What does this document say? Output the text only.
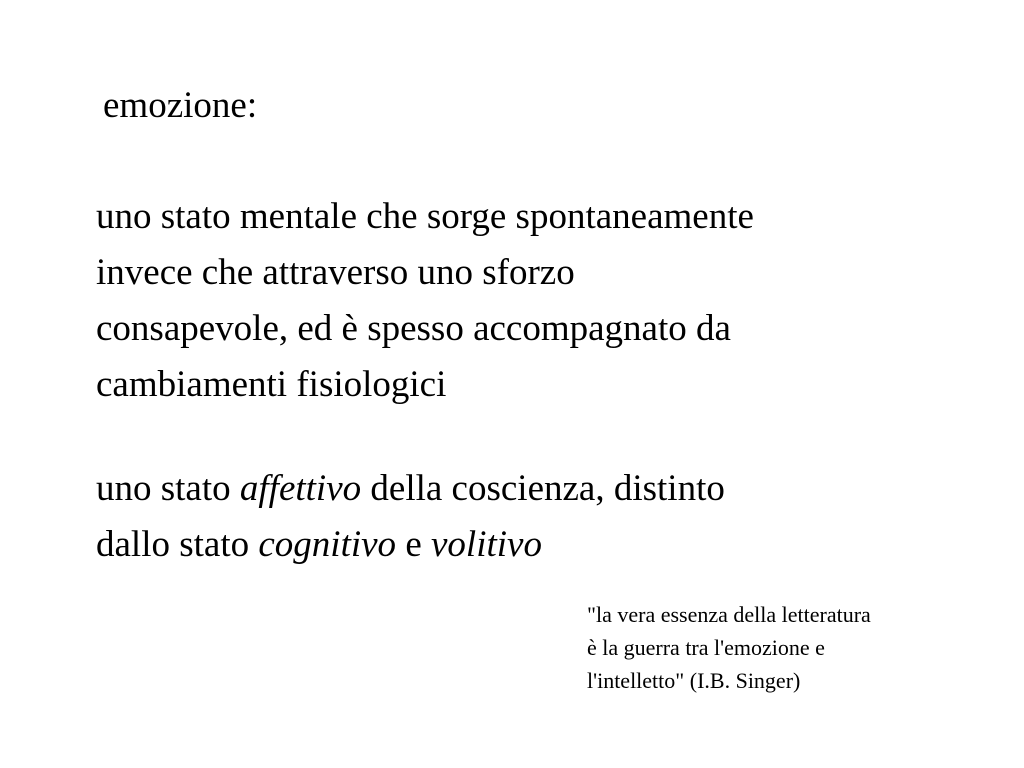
emozione:

uno stato mentale che sorge spontaneamente
invece che attraverso uno sforzo
consapevole, ed è spesso accompagnato da
cambiamenti fisiologici

uno stato affettivo della coscienza, distinto
dallo stato cognitivo e volitivo

"la vera essenza della letteratura
è la guerra tra l'emozione e
l'intelletto" (I.B. Singer)
